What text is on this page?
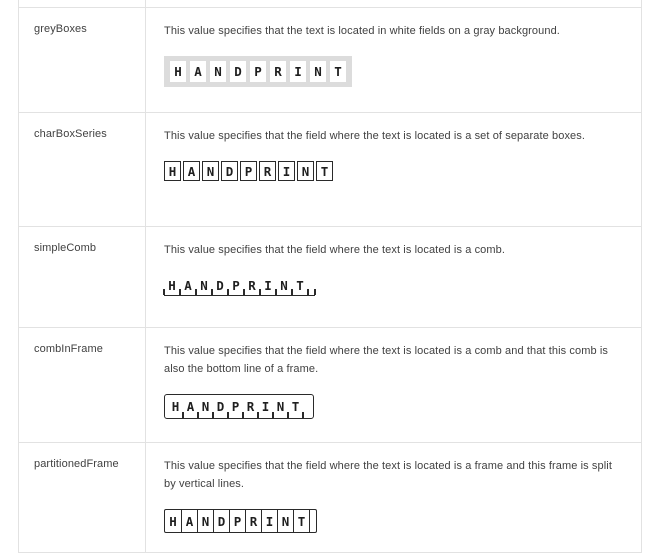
greyBoxes	This value specifies that the text is located in white fields on a gray background.

H A N D P R I N T
charBoxSeries	This value specifies that the field where the text is located is a set of separate boxes.

H A N D P R I N T
simpleComb	This value specifies that the field where the text is located is a comb.

H A N D P R I N T
combInFrame	This value specifies that the field where the text is located is a comb and that this comb is also the bottom line of a frame.

H A N D P R I N T
partitionedFrame	This value specifies that the field where the text is located is a frame and this frame is split by vertical lines.

H A N D P R I N T
